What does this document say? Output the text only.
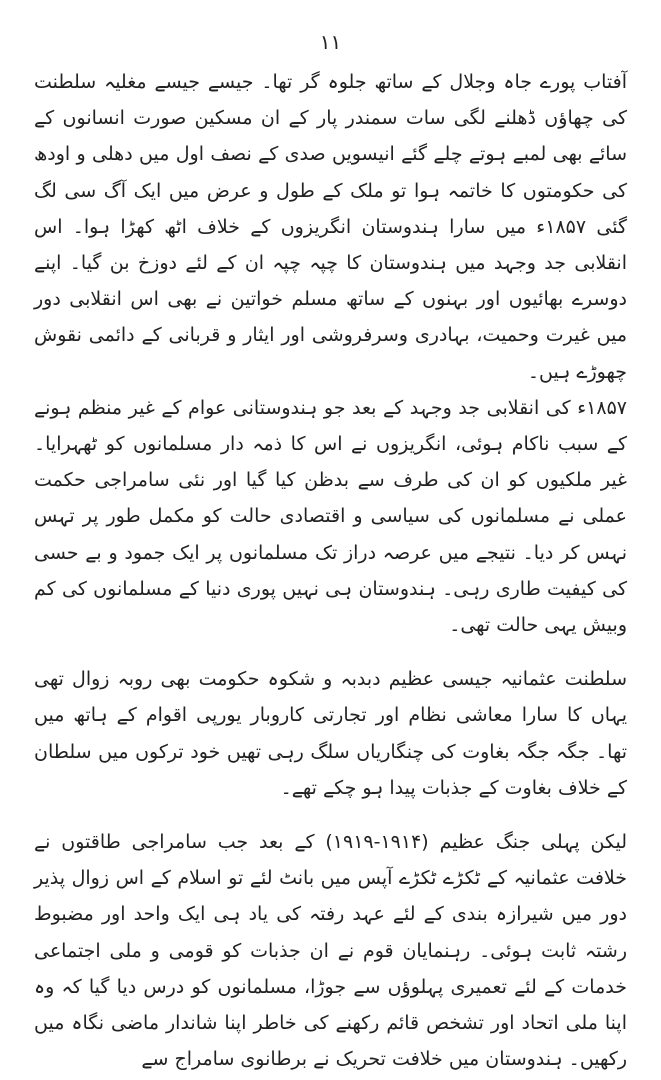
۱۱

آفتاب پورے جاہ وجلال کے ساتھ جلوہ گر تھا۔ جیسے جیسے مغلیہ سلطنت کی چھاؤں ڈھلنے لگی سات سمندر پار کے ان مسکین صورت انسانوں کے سائے بھی لمبے ہوتے چلے گئے انیسویں صدی کے نصف اول میں دھلی و اودھ کی حکومتوں کا خاتمہ ہوا تو ملک کے طول و عرض میں ایک آگ سی لگ گئی ۱۸۵۷ء میں سارا ہندوستان انگریزوں کے خلاف اٹھ کھڑا ہوا۔ اس انقلابی جد وجہد میں ہندوستان کا چپہ چپہ ان کے لئے دوزخ بن گیا۔ اپنے دوسرے بھائیوں اور بہنوں کے ساتھ مسلم خواتین نے بھی اس انقلابی دور میں غیرت وحمیت، بہادری وسرفروشی اور ایثار و قربانی کے دائمی نقوش چھوڑے ہیں۔

۱۸۵۷ء کی انقلابی جد وجہد کے بعد جو ہندوستانی عوام کے غیر منظم ہونے کے سبب ناکام ہوئی، انگریزوں نے اس کا ذمہ دار مسلمانوں کو ٹھہرایا۔ غیر ملکیوں کو ان کی طرف سے بدظن کیا گیا اور نئی سامراجی حکمت عملی نے مسلمانوں کی سیاسی و اقتصادی حالت کو مکمل طور پر تہس نہس کر دیا۔ نتیجے میں عرصہ دراز تک مسلمانوں پر ایک جمود و بے حسی کی کیفیت طاری رہی۔ ہندوستان ہی نہیں پوری دنیا کے مسلمانوں کی کم وبیش یہی حالت تھی۔

سلطنت عثمانیہ جیسی عظیم دبدبہ و شکوہ حکومت بھی روبہ زوال تھی یہاں کا سارا معاشی نظام اور تجارتی کاروبار یورپی اقوام کے ہاتھ میں تھا۔ جگہ جگہ بغاوت کی چنگاریاں سلگ رہی تھیں خود ترکوں میں سلطان کے خلاف بغاوت کے جذبات پیدا ہو چکے تھے۔

لیکن پہلی جنگ عظیم (۱۹۱۴-۱۹۱۹) کے بعد جب سامراجی طاقتوں نے خلافت عثمانیہ کے ٹکڑے ٹکڑے آپس میں بانٹ لئے تو اسلام کے اس زوال پذیر دور میں شیرازہ بندی کے لئے عہد رفتہ کی یاد ہی ایک واحد اور مضبوط رشتہ ثابت ہوئی۔ رہنمایان قوم نے ان جذبات کو قومی و ملی اجتماعی خدمات کے لئے تعمیری پہلوؤں سے جوڑا، مسلمانوں کو درس دیا گیا کہ وہ اپنا ملی اتحاد اور تشخص قائم رکھنے کی خاطر اپنا شاندار ماضی نگاہ میں رکھیں۔ ہندوستان میں خلافت تحریک نے برطانوی سامراج سے
